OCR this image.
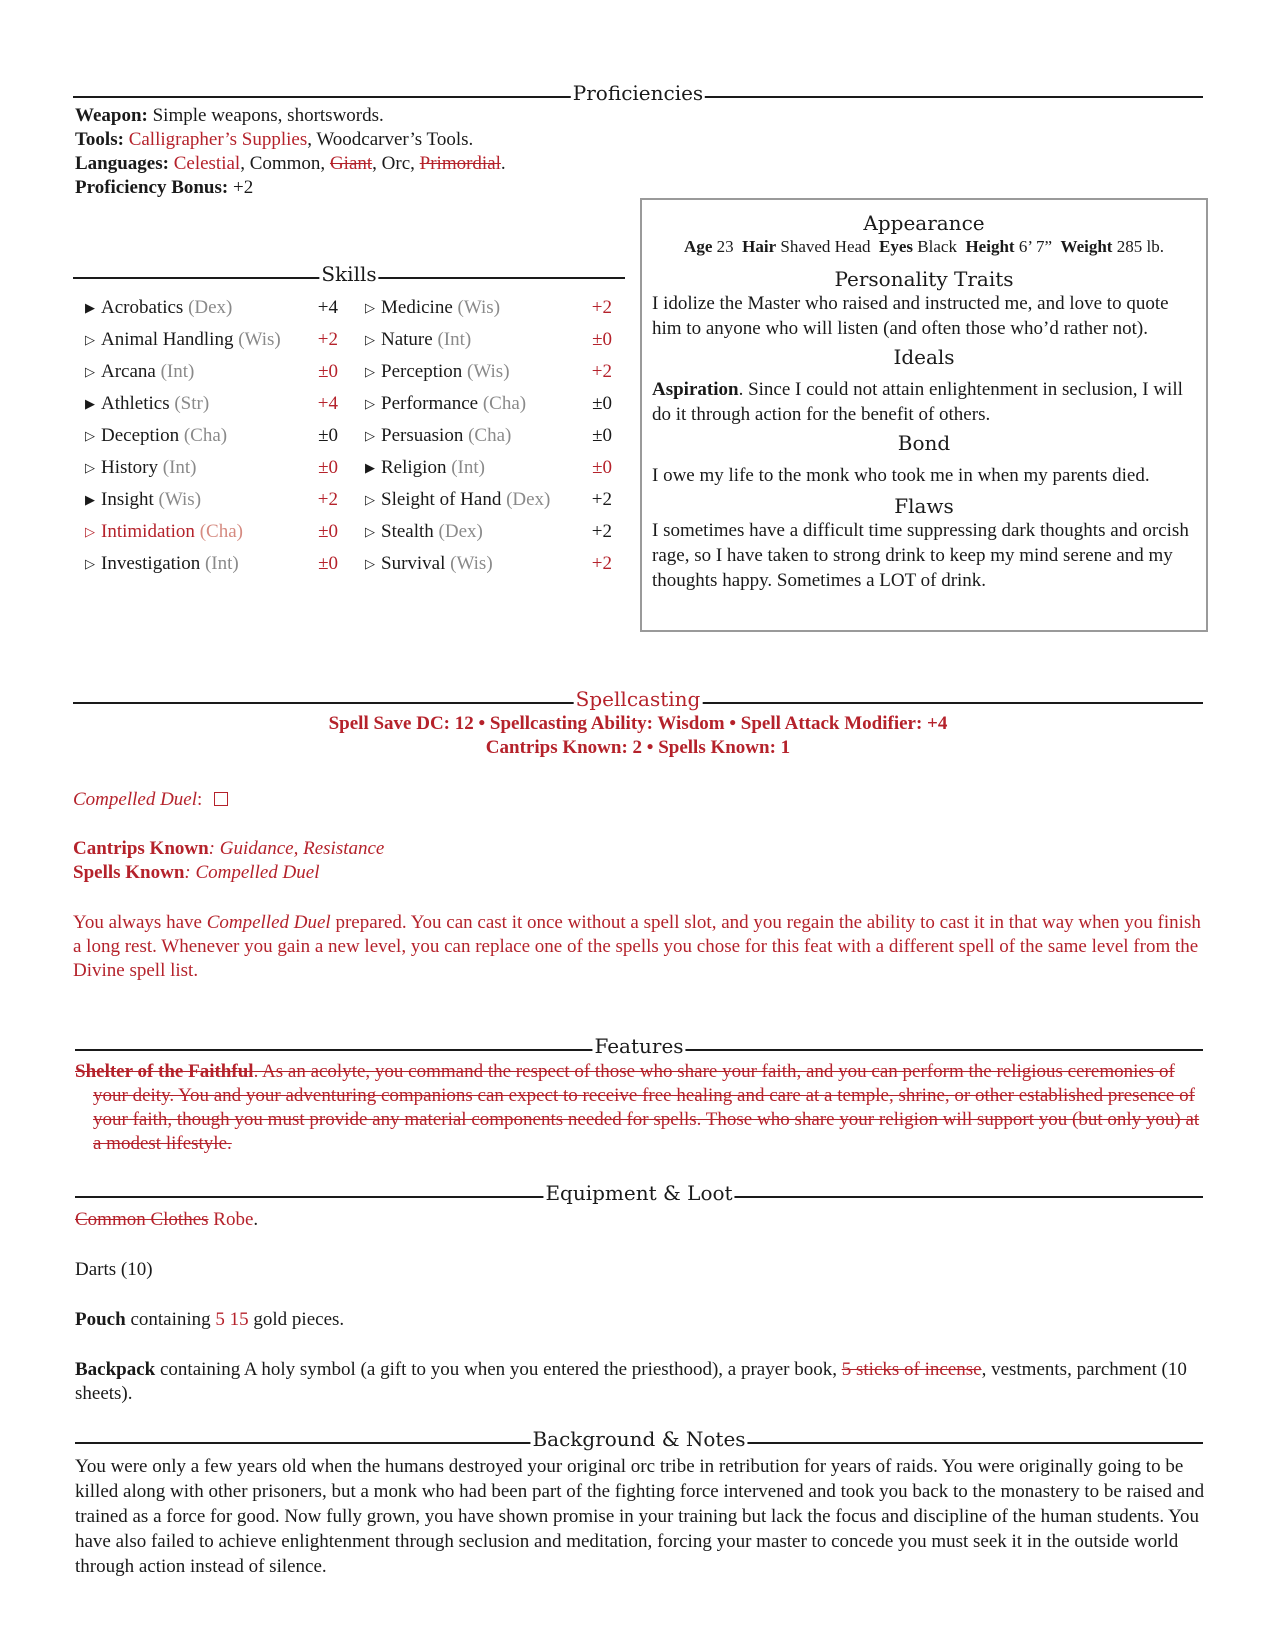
Proficiencies
Weapon: Simple weapons, shortswords.
Tools: Calligrapher’s Supplies, Woodcarver’s Tools.
Languages: Celestial, Common, Giant, Orc, Primordial.
Proficiency Bonus: +2
Skills
▶ Acrobatics (Dex)	+4 ▷ Medicine (Wis)	+2
▷ Animal Handling (Wis)	+2 ▷ Nature (Int)	±0
▷ Arcana (Int)	±0 ▷ Perception (Wis)	+2
▶ Athletics (Str)	+4 ▷ Performance (Cha)	±0
▷ Deception (Cha)	±0 ▷ Persuasion (Cha)	±0
▷ History (Int)	±0 ▶ Religion (Int)	±0
▶ Insight (Wis)	+2 ▷ Sleight of Hand (Dex)	+2
▷ Intimidation (Cha)	±0 ▷ Stealth (Dex)	+2
▷ Investigation (Int)	±0 ▷ Survival (Wis)	+2
Appearance
Age 23 Hair Shaved Head Eyes Black Height 6’ 7” Weight 285 lb.
Personality Traits
I idolize the Master who raised and instructed me, and love to quote him to anyone who will listen (and often those who’d rather not).
Ideals
Aspiration. Since I could not attain enlightenment in seclusion, I will do it through action for the benefit of others.
Bond
I owe my life to the monk who took me in when my parents died.
Flaws
I sometimes have a difficult time suppressing dark thoughts and orcish rage, so I have taken to strong drink to keep my mind serene and my thoughts happy. Sometimes a LOT of drink.
Spellcasting
Spell Save DC: 12 • Spellcasting Ability: Wisdom • Spell Attack Modifier: +4
Cantrips Known: 2 • Spells Known: 1
Compelled Duel:
Cantrips Known: Guidance, Resistance
Spells Known: Compelled Duel
You always have Compelled Duel prepared. You can cast it once without a spell slot, and you regain the ability to cast it in that way when you finish a long rest. Whenever you gain a new level, you can replace one of the spells you chose for this feat with a different spell of the same level from the Divine spell list.
Features
Shelter of the Faithful. As an acolyte, you command the respect of those who share your faith, and you can perform the religious ceremonies of your deity. You and your adventuring companions can expect to receive free healing and care at a temple, shrine, or other established presence of your faith, though you must provide any material components needed for spells. Those who share your religion will support you (but only you) at a modest lifestyle.
Equipment & Loot
Common Clothes Robe.
Darts (10)
Pouch containing 5 15 gold pieces.
Backpack containing A holy symbol (a gift to you when you entered the priesthood), a prayer book, 5 sticks of incense, vestments, parchment (10 sheets).
Background & Notes
You were only a few years old when the humans destroyed your original orc tribe in retribution for years of raids. You were originally going to be killed along with other prisoners, but a monk who had been part of the fighting force intervened and took you back to the monastery to be raised and trained as a force for good. Now fully grown, you have shown promise in your training but lack the focus and discipline of the human students. You have also failed to achieve enlightenment through seclusion and meditation, forcing your master to concede you must seek it in the outside world through action instead of silence.
